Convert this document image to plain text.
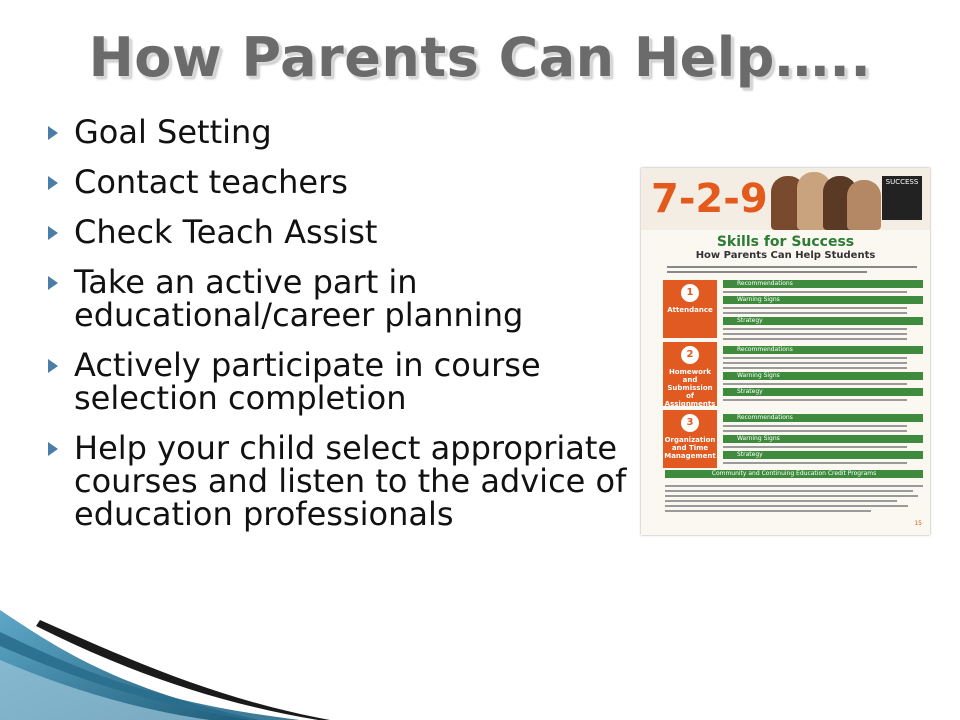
How Parents Can Help…..
Goal Setting
Contact teachers
Check Teach Assist
Take an active part in educational/career planning
Actively participate in course selection completion
Help your child select appropriate courses and listen to the advice of education professionals
7-2-9	SUCCESS
Skills for Success
How Parents Can Help Students
1
Attendance
2
Homework and Submission of Assignments
3
Organization and Time Management
Recommendations
Warning Signs
Strategy
Recommendations
Warning Signs
Strategy
Recommendations
Warning Signs
Strategy
Community and Continuing Education Credit Programs
15
